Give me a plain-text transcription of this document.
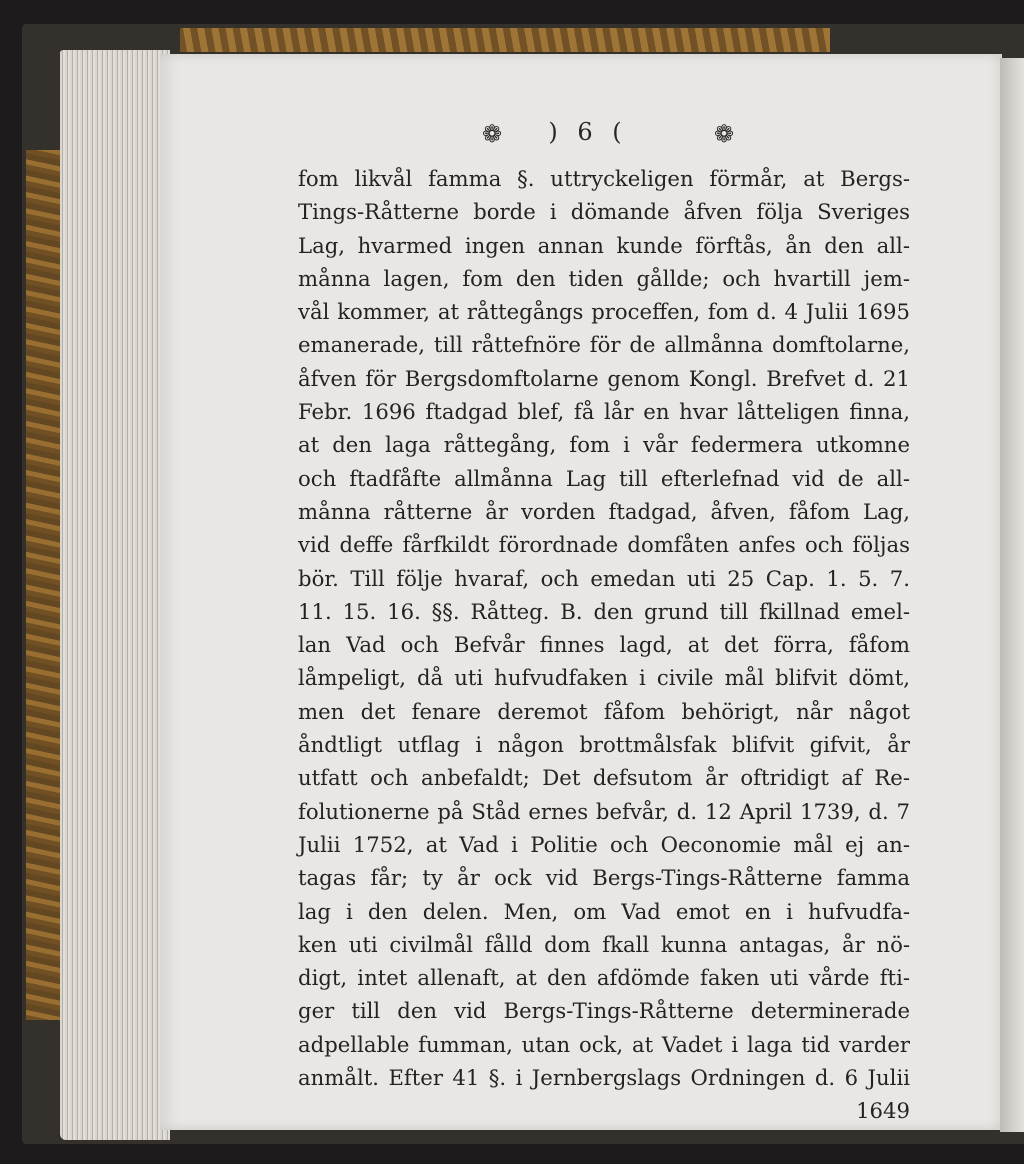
❁	) 6 (	❁
fom likvål famma §. uttryckeligen förmår, at Bergs-
Tings-Råtterne borde i dömande åfven följa Sveriges
Lag, hvarmed ingen annan kunde förftås, ån den all-
månna lagen, fom den tiden gållde; och hvartill jem-
vål kommer, at råttegångs proceffen, fom d. 4 Julii 1695
emanerade, till råttefnöre för de allmånna domftolarne,
åfven för Bergsdomftolarne genom Kongl. Brefvet d. 21
Febr. 1696 ftadgad blef, få lår en hvar låtteligen finna,
at den laga råttegång, fom i vår federmera utkomne
och ftadfåfte allmånna Lag till efterlefnad vid de all-
månna råtterne år vorden ftadgad, åfven, fåfom Lag,
vid deffe fårfkildt förordnade domfåten anfes och följas
bör. Till följe hvaraf, och emedan uti 25 Cap. 1. 5. 7.
11. 15. 16. §§. Råtteg. B. den grund till fkillnad emel-
lan Vad och Befvår finnes lagd, at det förra, fåfom
låmpeligt, då uti hufvudfaken i civile mål blifvit dömt,
men det fenare deremot fåfom behörigt, når något
åndtligt utflag i någon brottmålsfak blifvit gifvit, år
utfatt och anbefaldt; Det defsutom år oftridigt af Re-
folutionerne på Ståd ernes befvår, d. 12 April 1739, d. 7
Julii 1752, at Vad i Politie och Oeconomie mål ej an-
tagas får; ty år ock vid Bergs-Tings-Råtterne famma
lag i den delen. Men, om Vad emot en i hufvudfa-
ken uti civilmål fålld dom fkall kunna antagas, år nö-
digt, intet allenaft, at den afdömde faken uti vårde fti-
ger till den vid Bergs-Tings-Råtterne determinerade
adpellable fumman, utan ock, at Vadet i laga tid varder
anmålt. Efter 41 §. i Jernbergslags Ordningen d. 6 Julii
1649
